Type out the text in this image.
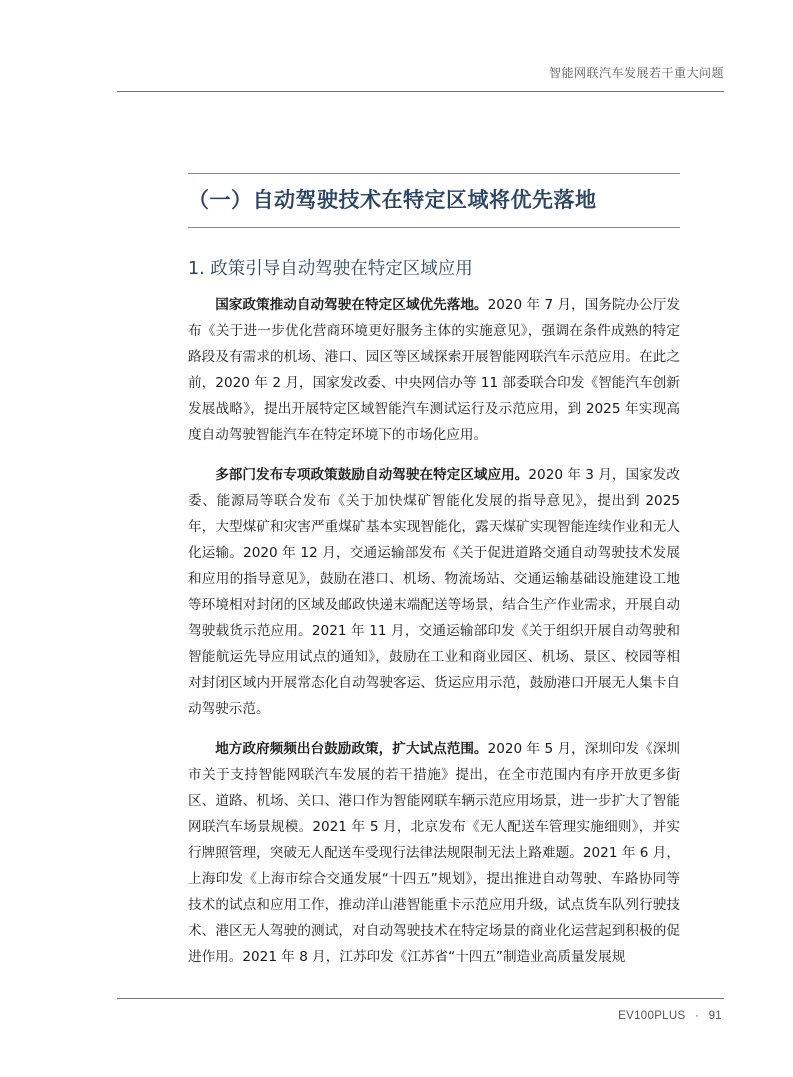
智能网联汽车发展若干重大问题
（一）自动驾驶技术在特定区域将优先落地
1. 政策引导自动驾驶在特定区域应用

国家政策推动自动驾驶在特定区域优先落地。2020 年 7 月，国务院办公厅发布《关于进一步优化营商环境更好服务主体的实施意见》，强调在条件成熟的特定路段及有需求的机场、港口、园区等区域探索开展智能网联汽车示范应用。在此之前，2020 年 2 月，国家发改委、中央网信办等 11 部委联合印发《智能汽车创新发展战略》，提出开展特定区域智能汽车测试运行及示范应用，到 2025 年实现高度自动驾驶智能汽车在特定环境下的市场化应用。

多部门发布专项政策鼓励自动驾驶在特定区域应用。2020 年 3 月，国家发改委、能源局等联合发布《关于加快煤矿智能化发展的指导意见》，提出到 2025 年，大型煤矿和灾害严重煤矿基本实现智能化，露天煤矿实现智能连续作业和无人化运输。2020 年 12 月，交通运输部发布《关于促进道路交通自动驾驶技术发展和应用的指导意见》，鼓励在港口、机场、物流场站、交通运输基础设施建设工地等环境相对封闭的区域及邮政快递末端配送等场景，结合生产作业需求，开展自动驾驶载货示范应用。2021 年 11 月，交通运输部印发《关于组织开展自动驾驶和智能航运先导应用试点的通知》，鼓励在工业和商业园区、机场、景区、校园等相对封闭区域内开展常态化自动驾驶客运、货运应用示范，鼓励港口开展无人集卡自动驾驶示范。

地方政府频频出台鼓励政策，扩大试点范围。2020 年 5 月，深圳印发《深圳市关于支持智能网联汽车发展的若干措施》提出，在全市范围内有序开放更多街区、道路、机场、关口、港口作为智能网联车辆示范应用场景，进一步扩大了智能网联汽车场景规模。2021 年 5 月，北京发布《无人配送车管理实施细则》，并实行牌照管理，突破无人配送车受现行法律法规限制无法上路难题。2021 年 6 月，上海印发《上海市综合交通发展“十四五”规划》，提出推进自动驾驶、车路协同等技术的试点和应用工作，推动洋山港智能重卡示范应用升级，试点货车队列行驶技术、港区无人驾驶的测试，对自动驾驶技术在特定场景的商业化运营起到积极的促进作用。2021 年 8 月，江苏印发《江苏省“十四五”制造业高质量发展规

EV100PLUS · 91
